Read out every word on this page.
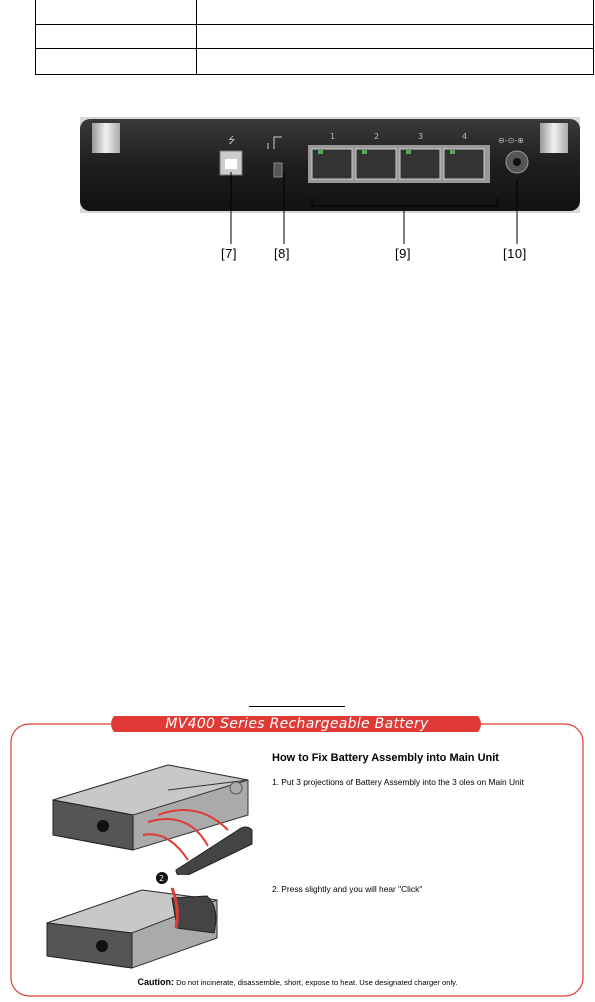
⭍	1	2	3	4	⊖-⊙-⊕
[7]	[8]	[9]	[10]
MV400 Series Rechargeable Battery
2
How to Fix Battery Assembly into Main Unit
1. Put 3 projections of Battery Assembly into the 3 oles on Main Unit
2. Press slightly and you will hear "Click"
Caution: Do not incinerate, disassemble, short, expose to heat. Use designated charger only.
